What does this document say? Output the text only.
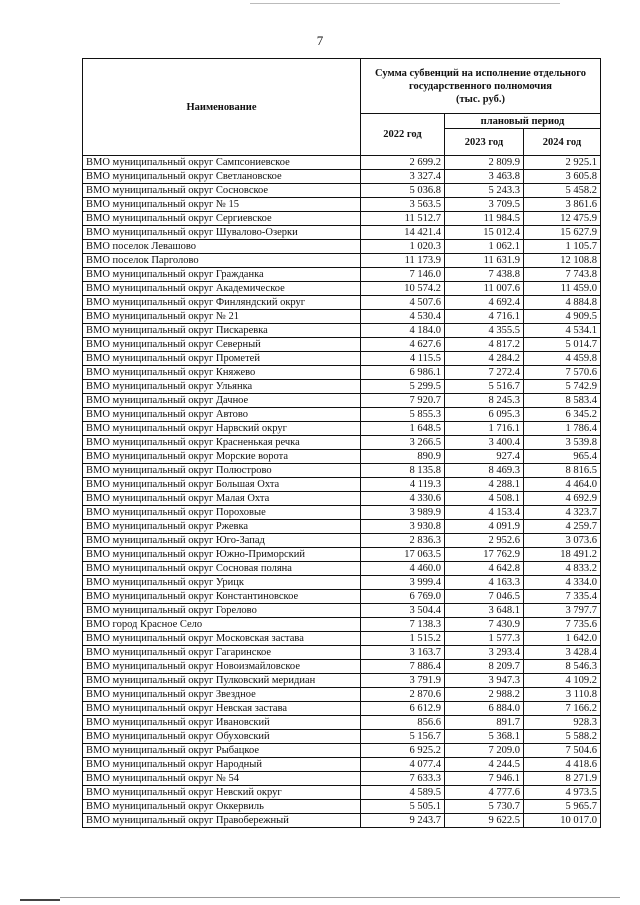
7
Наименование	Сумма субвенций на исполнение отдельного государственного полномочия
(тыс. руб.)		
	2022 год	плановый период	
		2023 год	2024 год
ВМО муниципальный округ Сампсониевское	2 699.2	2 809.9	2 925.1
ВМО муниципальный округ Светлановское	3 327.4	3 463.8	3 605.8
ВМО муниципальный округ Сосновское	5 036.8	5 243.3	5 458.2
ВМО муниципальный округ № 15	3 563.5	3 709.5	3 861.6
ВМО муниципальный округ Сергиевское	11 512.7	11 984.5	12 475.9
ВМО муниципальный округ Шувалово-Озерки	14 421.4	15 012.4	15 627.9
ВМО поселок Левашово	1 020.3	1 062.1	1 105.7
ВМО поселок Парголово	11 173.9	11 631.9	12 108.8
ВМО муниципальный округ Гражданка	7 146.0	7 438.8	7 743.8
ВМО муниципальный округ Академическое	10 574.2	11 007.6	11 459.0
ВМО муниципальный округ Финляндский округ	4 507.6	4 692.4	4 884.8
ВМО муниципальный округ № 21	4 530.4	4 716.1	4 909.5
ВМО муниципальный округ Пискаревка	4 184.0	4 355.5	4 534.1
ВМО муниципальный округ Северный	4 627.6	4 817.2	5 014.7
ВМО муниципальный округ Прометей	4 115.5	4 284.2	4 459.8
ВМО муниципальный округ Княжево	6 986.1	7 272.4	7 570.6
ВМО муниципальный округ Ульянка	5 299.5	5 516.7	5 742.9
ВМО муниципальный округ Дачное	7 920.7	8 245.3	8 583.4
ВМО муниципальный округ Автово	5 855.3	6 095.3	6 345.2
ВМО муниципальный округ Нарвский округ	1 648.5	1 716.1	1 786.4
ВМО муниципальный округ Красненькая речка	3 266.5	3 400.4	3 539.8
ВМО муниципальный округ Морские ворота	890.9	927.4	965.4
ВМО муниципальный округ Полюстрово	8 135.8	8 469.3	8 816.5
ВМО муниципальный округ Большая Охта	4 119.3	4 288.1	4 464.0
ВМО муниципальный округ Малая Охта	4 330.6	4 508.1	4 692.9
ВМО муниципальный округ Пороховые	3 989.9	4 153.4	4 323.7
ВМО муниципальный округ Ржевка	3 930.8	4 091.9	4 259.7
ВМО муниципальный округ Юго-Запад	2 836.3	2 952.6	3 073.6
ВМО муниципальный округ Южно-Приморский	17 063.5	17 762.9	18 491.2
ВМО муниципальный округ Сосновая поляна	4 460.0	4 642.8	4 833.2
ВМО муниципальный округ Урицк	3 999.4	4 163.3	4 334.0
ВМО муниципальный округ Константиновское	6 769.0	7 046.5	7 335.4
ВМО муниципальный округ Горелово	3 504.4	3 648.1	3 797.7
ВМО город Красное Село	7 138.3	7 430.9	7 735.6
ВМО муниципальный округ Московская застава	1 515.2	1 577.3	1 642.0
ВМО муниципальный округ Гагаринское	3 163.7	3 293.4	3 428.4
ВМО муниципальный округ Новоизмайловское	7 886.4	8 209.7	8 546.3
ВМО муниципальный округ Пулковский меридиан	3 791.9	3 947.3	4 109.2
ВМО муниципальный округ Звездное	2 870.6	2 988.2	3 110.8
ВМО муниципальный округ Невская застава	6 612.9	6 884.0	7 166.2
ВМО муниципальный округ Ивановский	856.6	891.7	928.3
ВМО муниципальный округ Обуховский	5 156.7	5 368.1	5 588.2
ВМО муниципальный округ Рыбацкое	6 925.2	7 209.0	7 504.6
ВМО муниципальный округ Народный	4 077.4	4 244.5	4 418.6
ВМО муниципальный округ № 54	7 633.3	7 946.1	8 271.9
ВМО муниципальный округ Невский округ	4 589.5	4 777.6	4 973.5
ВМО муниципальный округ Оккервиль	5 505.1	5 730.7	5 965.7
ВМО муниципальный округ Правобережный	9 243.7	9 622.5	10 017.0
